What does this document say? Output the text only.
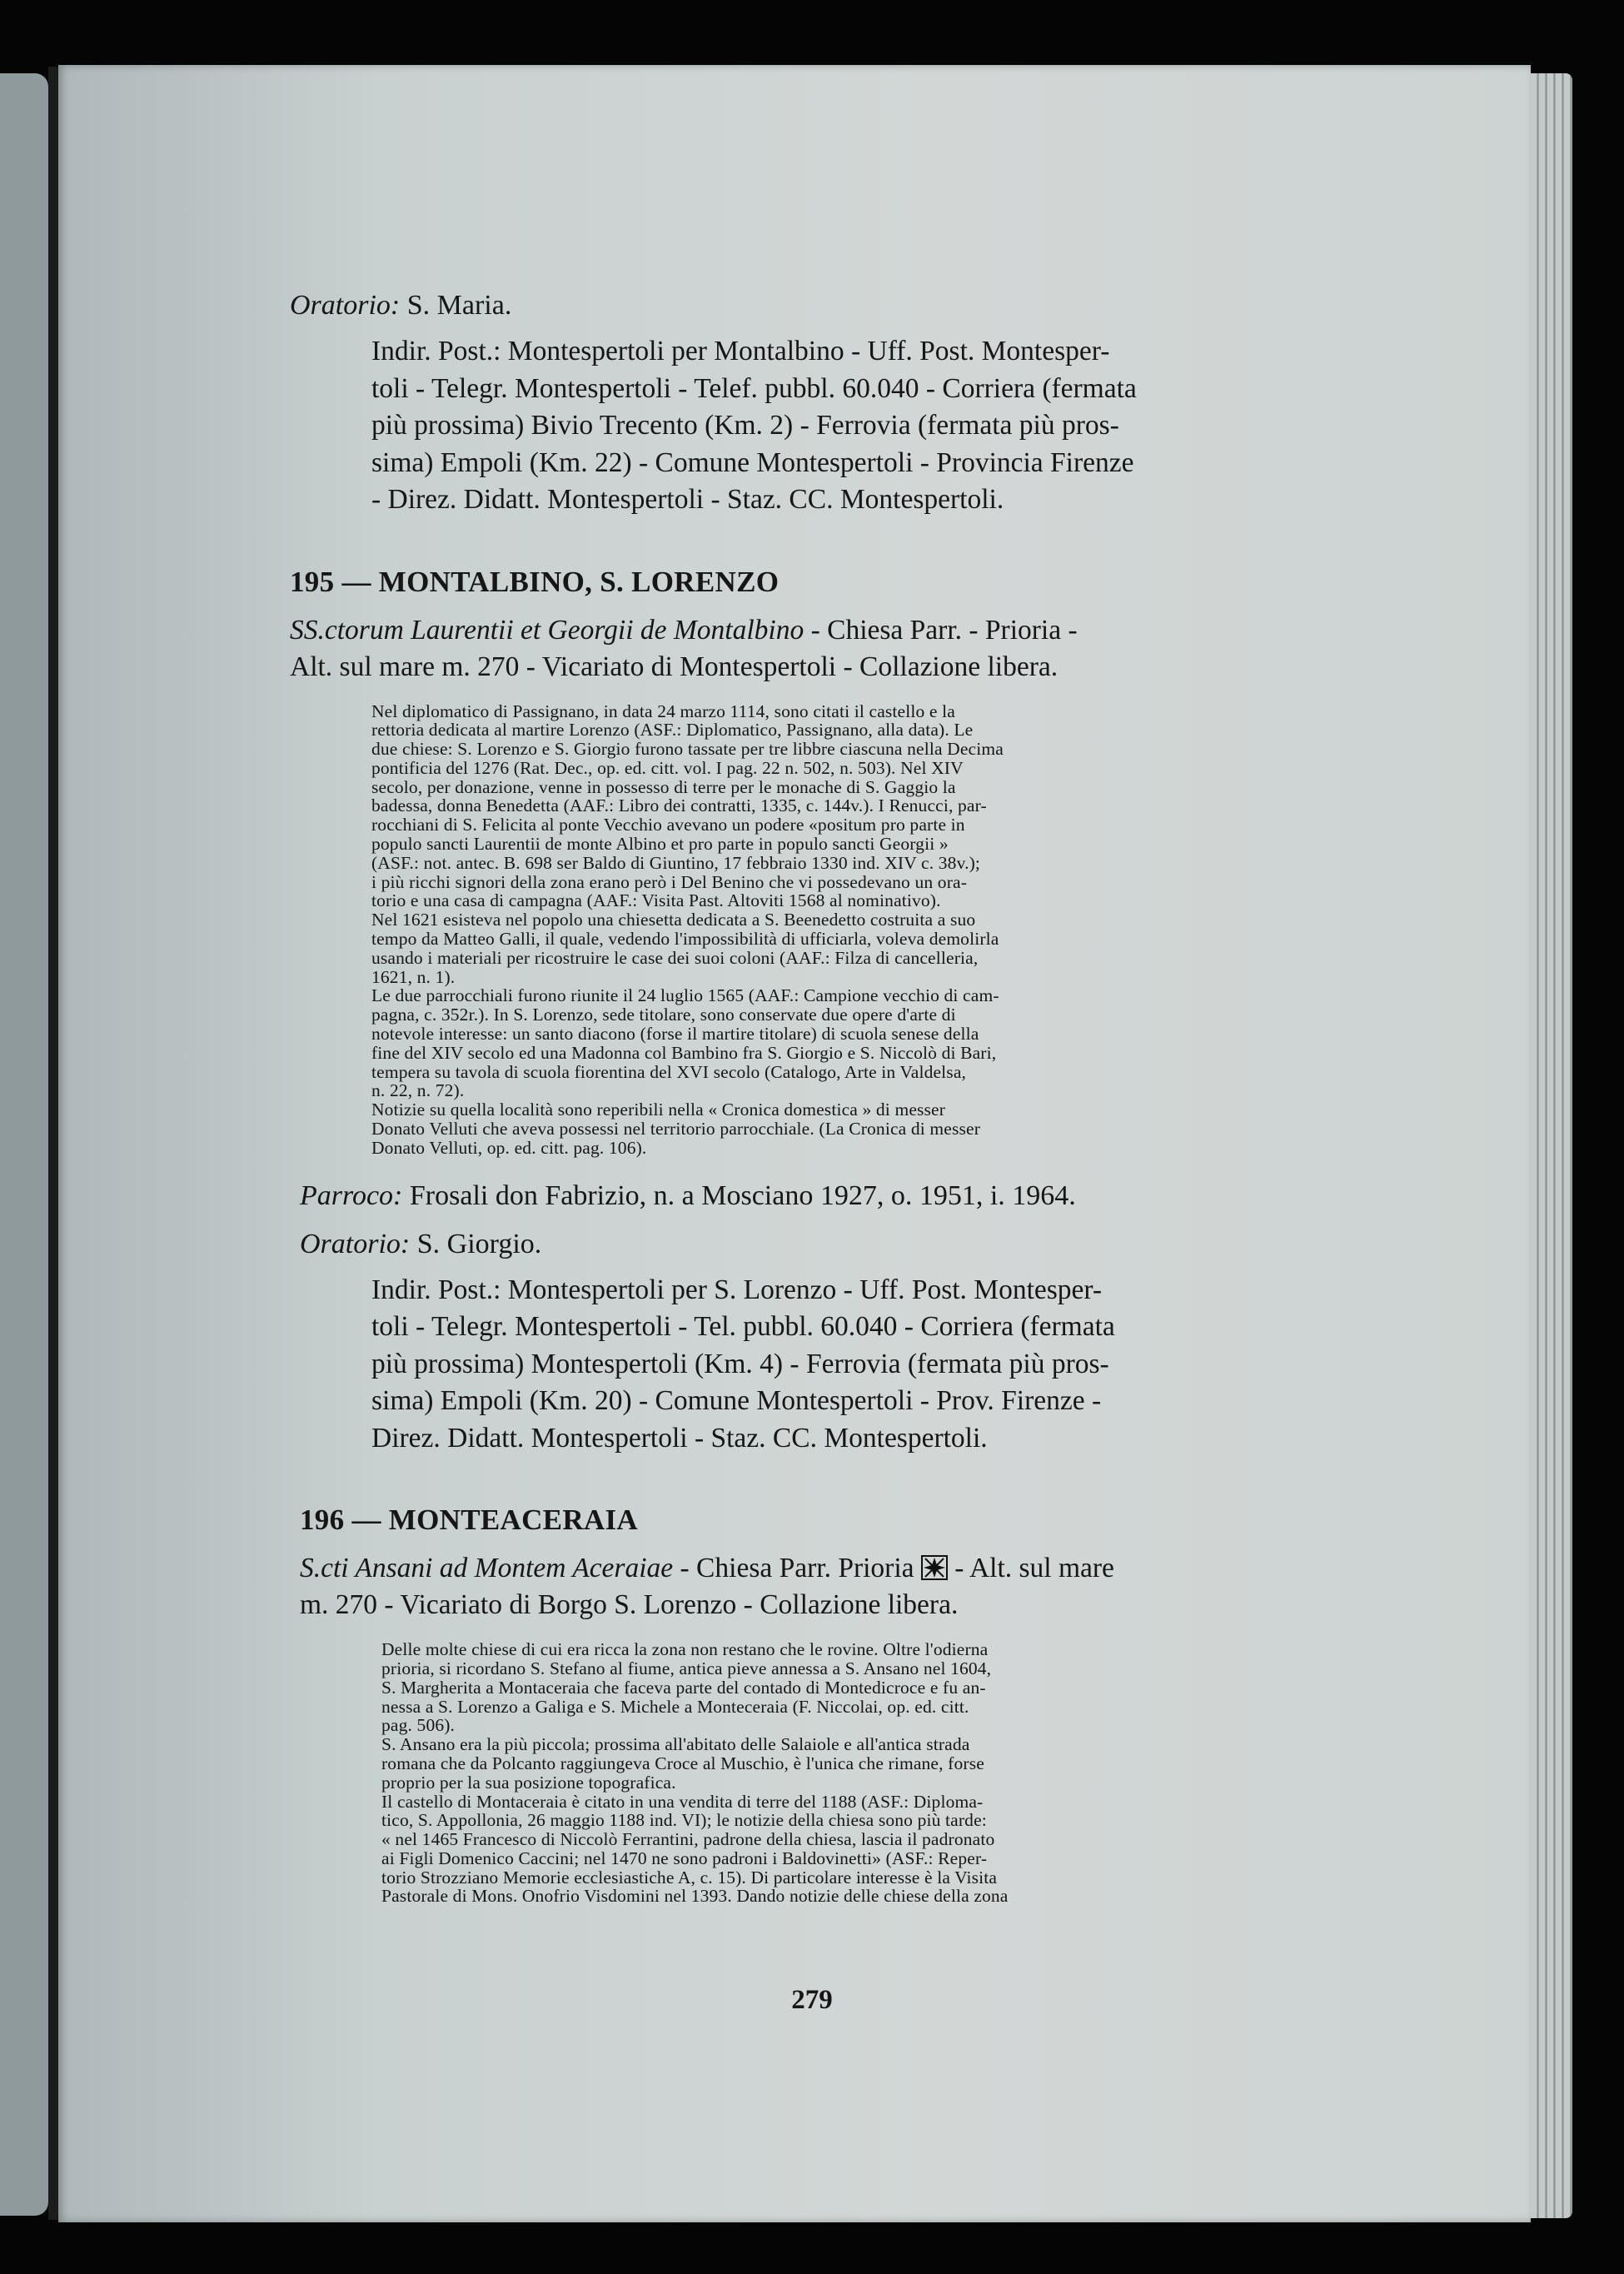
Oratorio: S. Maria.

Indir. Post.: Montespertoli per Montalbino - Uff. Post. Montesper-
toli - Telegr. Montespertoli - Telef. pubbl. 60.040 - Corriera (fermata
più prossima) Bivio Trecento (Km. 2) - Ferrovia (fermata più pros-
sima) Empoli (Km. 22) - Comune Montespertoli - Provincia Firenze
- Direz. Didatt. Montespertoli - Staz. CC. Montespertoli.
195 — MONTALBINO, S. LORENZO
SS.ctorum Laurentii et Georgii de Montalbino - Chiesa Parr. - Prioria -
Alt. sul mare m. 270 - Vicariato di Montespertoli - Collazione libera.

Nel diplomatico di Passignano, in data 24 marzo 1114, sono citati il castello e la

rettoria dedicata al martire Lorenzo (ASF.: Diplomatico, Passignano, alla data). Le

due chiese: S. Lorenzo e S. Giorgio furono tassate per tre libbre ciascuna nella Decima

pontificia del 1276 (Rat. Dec., op. ed. citt. vol. I pag. 22 n. 502, n. 503). Nel XIV

secolo, per donazione, venne in possesso di terre per le monache di S. Gaggio la

badessa, donna Benedetta (AAF.: Libro dei contratti, 1335, c. 144v.). I Renucci, par-

rocchiani di S. Felicita al ponte Vecchio avevano un podere «positum pro parte in

populo sancti Laurentii de monte Albino et pro parte in populo sancti Georgii »

(ASF.: not. antec. B. 698 ser Baldo di Giuntino, 17 febbraio 1330 ind. XIV c. 38v.);

i più ricchi signori della zona erano però i Del Benino che vi possedevano un ora-

torio e una casa di campagna (AAF.: Visita Past. Altoviti 1568 al nominativo).

Nel 1621 esisteva nel popolo una chiesetta dedicata a S. Beenedetto costruita a suo

tempo da Matteo Galli, il quale, vedendo l'impossibilità di ufficiarla, voleva demolirla

usando i materiali per ricostruire le case dei suoi coloni (AAF.: Filza di cancelleria,

1621, n. 1).

Le due parrocchiali furono riunite il 24 luglio 1565 (AAF.: Campione vecchio di cam-

pagna, c. 352r.). In S. Lorenzo, sede titolare, sono conservate due opere d'arte di

notevole interesse: un santo diacono (forse il martire titolare) di scuola senese della

fine del XIV secolo ed una Madonna col Bambino fra S. Giorgio e S. Niccolò di Bari,

tempera su tavola di scuola fiorentina del XVI secolo (Catalogo, Arte in Valdelsa,

n. 22, n. 72).

Notizie su quella località sono reperibili nella « Cronica domestica » di messer

Donato Velluti che aveva possessi nel territorio parrocchiale. (La Cronica di messer

Donato Velluti, op. ed. citt. pag. 106).

Parroco: Frosali don Fabrizio, n. a Mosciano 1927, o. 1951, i. 1964.

Oratorio: S. Giorgio.

Indir. Post.: Montespertoli per S. Lorenzo - Uff. Post. Montesper-
toli - Telegr. Montespertoli - Tel. pubbl. 60.040 - Corriera (fermata
più prossima) Montespertoli (Km. 4) - Ferrovia (fermata più pros-
sima) Empoli (Km. 20) - Comune Montespertoli - Prov. Firenze -
Direz. Didatt. Montespertoli - Staz. CC. Montespertoli.
196 — MONTEACERAIA
S.cti Ansani ad Montem Aceraiae - Chiesa Parr. Prioria - Alt. sul mare
m. 270 - Vicariato di Borgo S. Lorenzo - Collazione libera.

Delle molte chiese di cui era ricca la zona non restano che le rovine. Oltre l'odierna

prioria, si ricordano S. Stefano al fiume, antica pieve annessa a S. Ansano nel 1604,

S. Margherita a Montaceraia che faceva parte del contado di Montedicroce e fu an-

nessa a S. Lorenzo a Galiga e S. Michele a Monteceraia (F. Niccolai, op. ed. citt.

pag. 506).

S. Ansano era la più piccola; prossima all'abitato delle Salaiole e all'antica strada

romana che da Polcanto raggiungeva Croce al Muschio, è l'unica che rimane, forse

proprio per la sua posizione topografica.

Il castello di Montaceraia è citato in una vendita di terre del 1188 (ASF.: Diploma-

tico, S. Appollonia, 26 maggio 1188 ind. VI); le notizie della chiesa sono più tarde:

« nel 1465 Francesco di Niccolò Ferrantini, padrone della chiesa, lascia il padronato

ai Figli Domenico Caccini; nel 1470 ne sono padroni i Baldovinetti» (ASF.: Reper-

torio Strozziano Memorie ecclesiastiche A, c. 15). Di particolare interesse è la Visita

Pastorale di Mons. Onofrio Visdomini nel 1393. Dando notizie delle chiese della zona

279
